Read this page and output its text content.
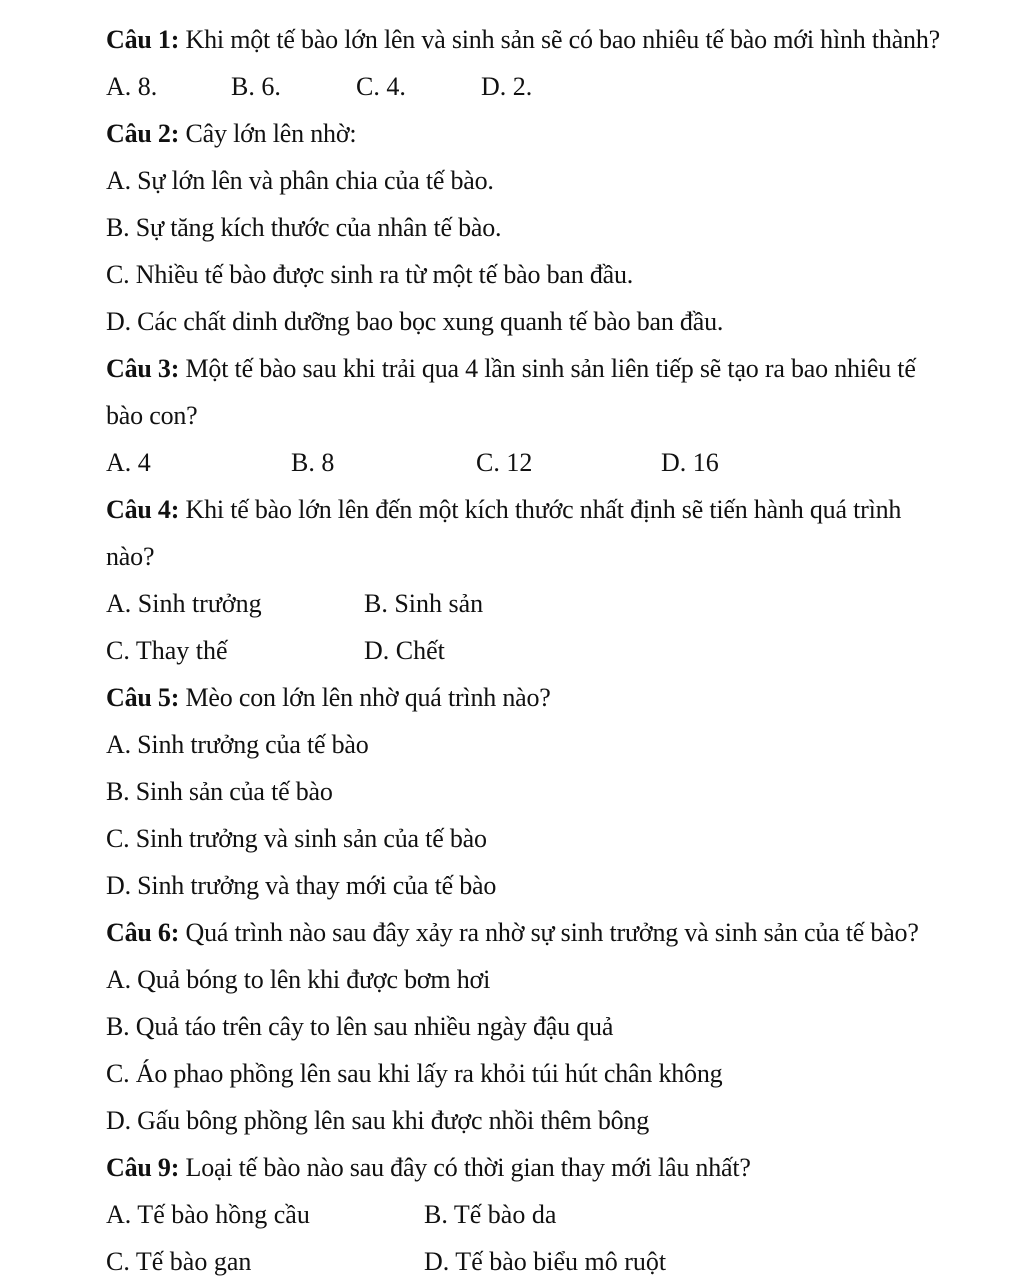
Câu 1: Khi một tế bào lớn lên và sinh sản sẽ có bao nhiêu tế bào mới hình thành?
A. 8.	B. 6.	C. 4.	D. 2.
Câu 2: Cây lớn lên nhờ:
A. Sự lớn lên và phân chia của tế bào.
B. Sự tăng kích thước của nhân tế bào.
C. Nhiều tế bào được sinh ra từ một tế bào ban đầu.
D. Các chất dinh dưỡng bao bọc xung quanh tế bào ban đầu.
Câu 3: Một tế bào sau khi trải qua 4 lần sinh sản liên tiếp sẽ tạo ra bao nhiêu tế
bào con?
A. 4	B. 8	C. 12	D. 16
Câu 4: Khi tế bào lớn lên đến một kích thước nhất định sẽ tiến hành quá trình
nào?
A. Sinh trưởng	B. Sinh sản
C. Thay thế	D. Chết
Câu 5: Mèo con lớn lên nhờ quá trình nào?
A. Sinh trưởng của tế bào
B. Sinh sản của tế bào
C. Sinh trưởng và sinh sản của tế bào
D. Sinh trưởng và thay mới của tế bào
Câu 6: Quá trình nào sau đây xảy ra nhờ sự sinh trưởng và sinh sản của tế bào?
A. Quả bóng to lên khi được bơm hơi
B. Quả táo trên cây to lên sau nhiều ngày đậu quả
C. Áo phao phồng lên sau khi lấy ra khỏi túi hút chân không
D. Gấu bông phồng lên sau khi được nhồi thêm bông
Câu 9: Loại tế bào nào sau đây có thời gian thay mới lâu nhất?
A. Tế bào hồng cầu	B. Tế bào da
C. Tế bào gan	D. Tế bào biểu mô ruột
